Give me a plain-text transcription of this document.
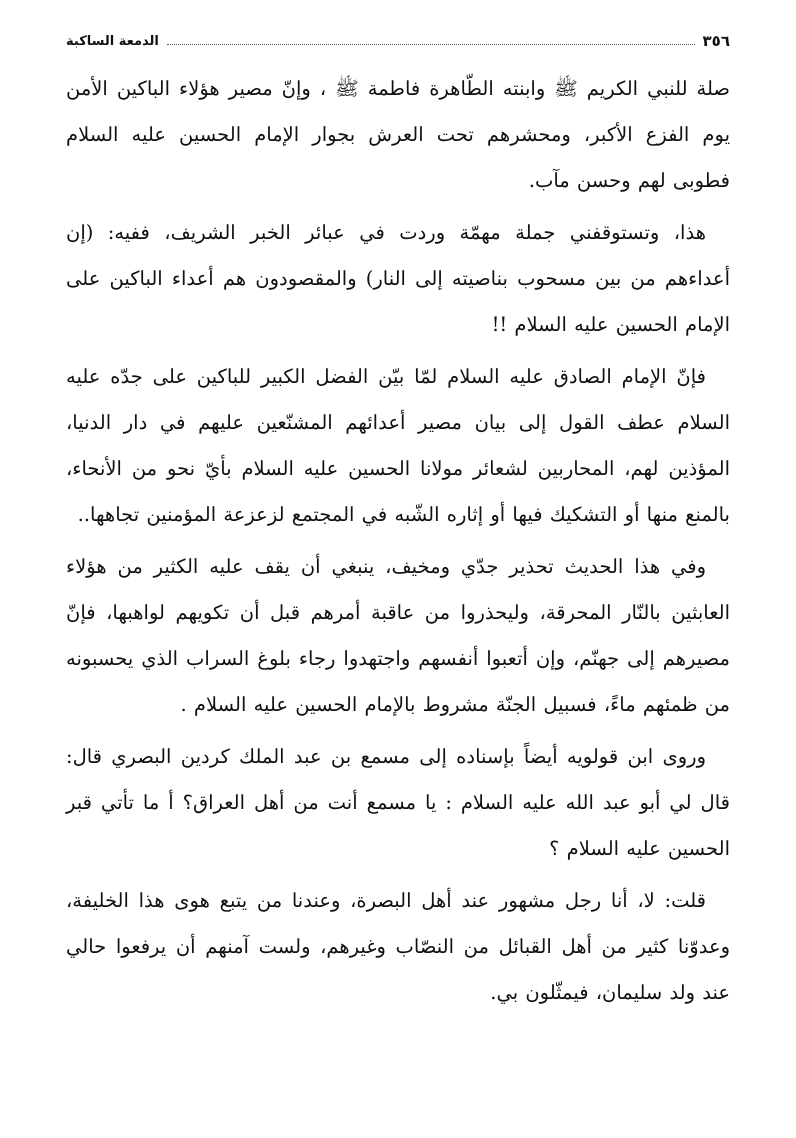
٣٥٦
الدمعة الساكبة

صلة للنبي الكريم ﷺ وابنته الطّاهرة فاطمة ﷺ ، وإنّ مصير هؤلاء الباكين الأمن يوم الفزع الأكبر، ومحشرهم تحت العرش بجوار الإمام الحسين عليه السلام فطوبى لهم وحسن مآب.

هذا، وتستوقفني جملة مهمّة وردت في عبائر الخبر الشريف، ففيه: (إن أعداءهم من بين مسحوب بناصيته إلى النار) والمقصودون هم أعداء الباكين على الإمام الحسين عليه السلام !!

فإنّ الإمام الصادق عليه السلام لمّا بيّن الفضل الكبير للباكين على جدّه عليه السلام عطف القول إلى بيان مصير أعدائهم المشنّعين عليهم في دار الدنيا، المؤذين لهم، المحاربين لشعائر مولانا الحسين عليه السلام بأيّ نحو من الأنحاء، بالمنع منها أو التشكيك فيها أو إثاره الشّبه في المجتمع لزعزعة المؤمنين تجاهها..

وفي هذا الحديث تحذير جدّي ومخيف، ينبغي أن يقف عليه الكثير من هؤلاء العابثين بالنّار المحرقة، وليحذروا من عاقبة أمرهم قبل أن تكويهم لواهبها، فإنّ مصيرهم إلى جهنّم، وإن أتعبوا أنفسهم واجتهدوا رجاء بلوغ السراب الذي يحسبونه من ظمئهم ماءً، فسبيل الجنّة مشروط بالإمام الحسين عليه السلام .

وروى ابن قولويه أيضاً بإسناده إلى مسمع بن عبد الملك كردين البصري قال: قال لي أبو عبد الله عليه السلام : يا مسمع أنت من أهل العراق؟ أ ما تأتي قبر الحسين عليه السلام ؟

قلت: لا، أنا رجل مشهور عند أهل البصرة، وعندنا من يتبع هوى هذا الخليفة، وعدوّنا كثير من أهل القبائل من النصّاب وغيرهم، ولست آمنهم أن يرفعوا حالي عند ولد سليمان، فيمثّلون بي.
